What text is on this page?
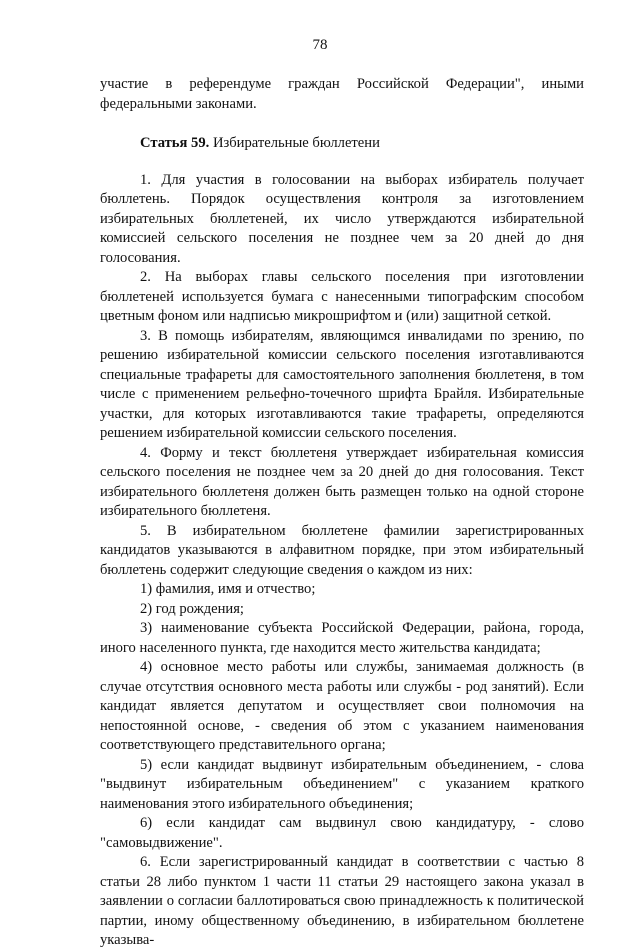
78

участие в референдуме граждан Российской Федерации", иными федеральными законами.

Статья 59. Избирательные бюллетени

1. Для участия в голосовании на выборах избиратель получает бюллетень. Порядок осуществления контроля за изготовлением избирательных бюллетеней, их число утверждаются избирательной комиссией сельского поселения не позднее чем за 20 дней до дня голосования.

2. На выборах главы сельского поселения при изготовлении бюллетеней используется бумага с нанесенными типографским способом цветным фоном или надписью микрошрифтом и (или) защитной сеткой.

3. В помощь избирателям, являющимся инвалидами по зрению, по решению избирательной комиссии сельского поселения изготавливаются специальные трафареты для самостоятельного заполнения бюллетеня, в том числе с применением рельефно-точечного шрифта Брайля. Избирательные участки, для которых изготавливаются такие трафареты, определяются решением избирательной комиссии сельского поселения.

4. Форму и текст бюллетеня утверждает избирательная комиссия сельского поселения не позднее чем за 20 дней до дня голосования. Текст избирательного бюллетеня должен быть размещен только на одной стороне избирательного бюллетеня.

5. В избирательном бюллетене фамилии зарегистрированных кандидатов указываются в алфавитном порядке, при этом избирательный бюллетень содержит следующие сведения о каждом из них:

1) фамилия, имя и отчество;

2) год рождения;

3) наименование субъекта Российской Федерации, района, города, иного населенного пункта, где находится место жительства кандидата;

4) основное место работы или службы, занимаемая должность (в случае отсутствия основного места работы или службы - род занятий). Если кандидат является депутатом и осуществляет свои полномочия на непостоянной основе, - сведения об этом с указанием наименования соответствующего представительного органа;

5) если кандидат выдвинут избирательным объединением, - слова "выдвинут избирательным объединением" с указанием краткого наименования этого избирательного объединения;

6) если кандидат сам выдвинул свою кандидатуру, - слово "самовыдвижение".

6. Если зарегистрированный кандидат в соответствии с частью 8 статьи 28 либо пунктом 1 части 11 статьи 29 настоящего закона указал в заявлении о согласии баллотироваться свою принадлежность к политической партии, иному общественному объединению, в избирательном бюллетене указыва-
